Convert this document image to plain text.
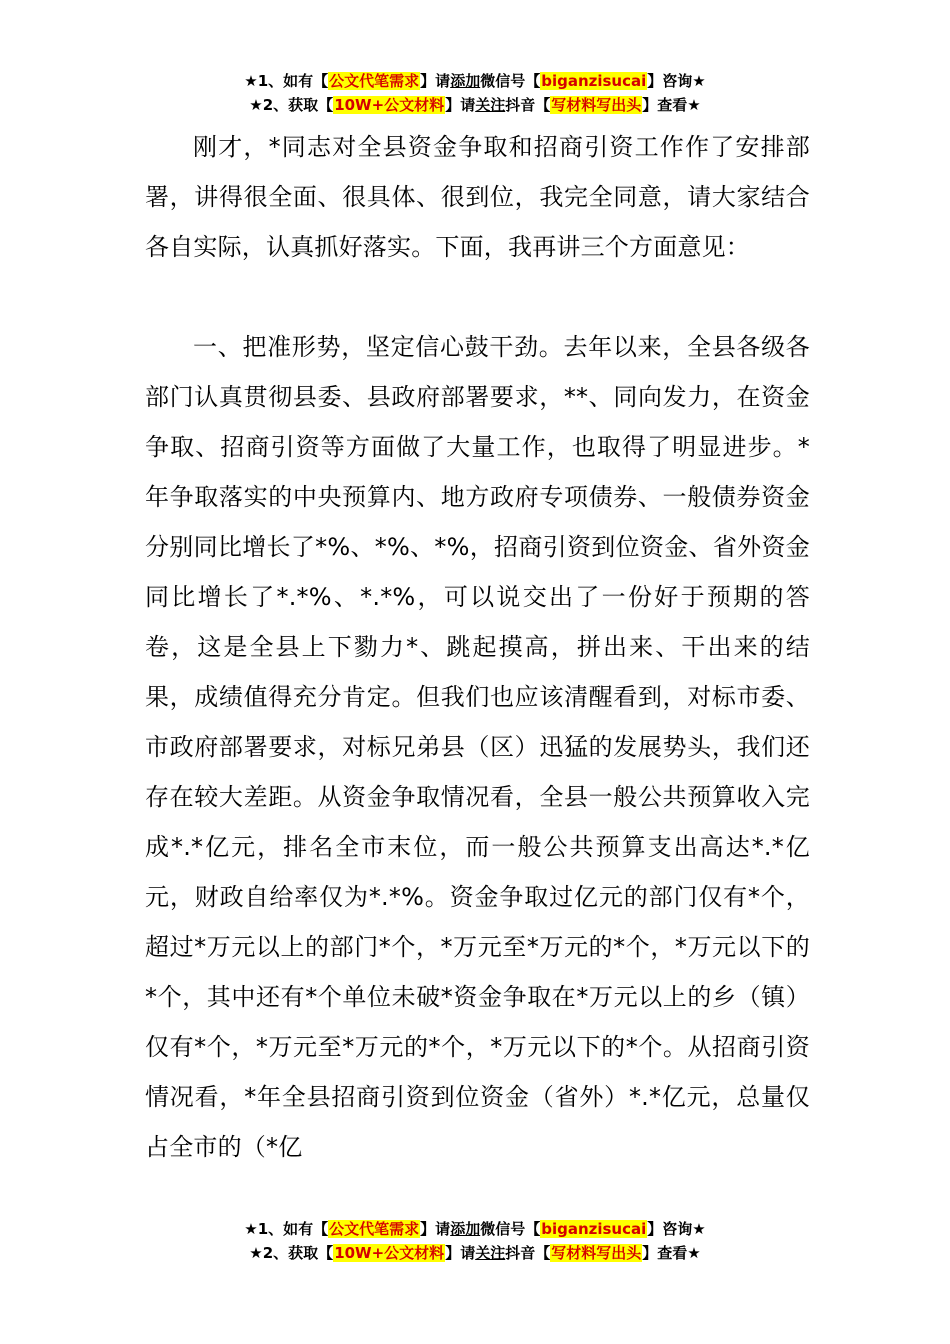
★1、如有【公文代笔需求】请添加微信号【biganzisucai】咨询★
★2、获取【10W+公文材料】请关注抖音【写材料写出头】查看★

刚才，*同志对全县资金争取和招商引资工作作了安排部署，讲得很全面、很具体、很到位，我完全同意，请大家结合各自实际，认真抓好落实。下面，我再讲三个方面意见：

一、把准形势，坚定信心鼓干劲。去年以来，全县各级各部门认真贯彻县委、县政府部署要求，**、同向发力，在资金争取、招商引资等方面做了大量工作，也取得了明显进步。*年争取落实的中央预算内、地方政府专项债券、一般债券资金分别同比增长了*%、*%、*%，招商引资到位资金、省外资金同比增长了*.*%、*.*%，可以说交出了一份好于预期的答卷，这是全县上下勠力*、跳起摸高，拼出来、干出来的结果，成绩值得充分肯定。但我们也应该清醒看到，对标市委、市政府部署要求，对标兄弟县（区）迅猛的发展势头，我们还存在较大差距。从资金争取情况看，全县一般公共预算收入完成*.*亿元，排名全市末位，而一般公共预算支出高达*.*亿元，财政自给率仅为*.*%。资金争取过亿元的部门仅有*个，超过*万元以上的部门*个，*万元至*万元的*个，*万元以下的*个，其中还有*个单位未破*资金争取在*万元以上的乡（镇）仅有*个，*万元至*万元的*个，*万元以下的*个。从招商引资情况看，*年全县招商引资到位资金（省外）*.*亿元，总量仅占全市的（*亿

★1、如有【公文代笔需求】请添加微信号【biganzisucai】咨询★
★2、获取【10W+公文材料】请关注抖音【写材料写出头】查看★
